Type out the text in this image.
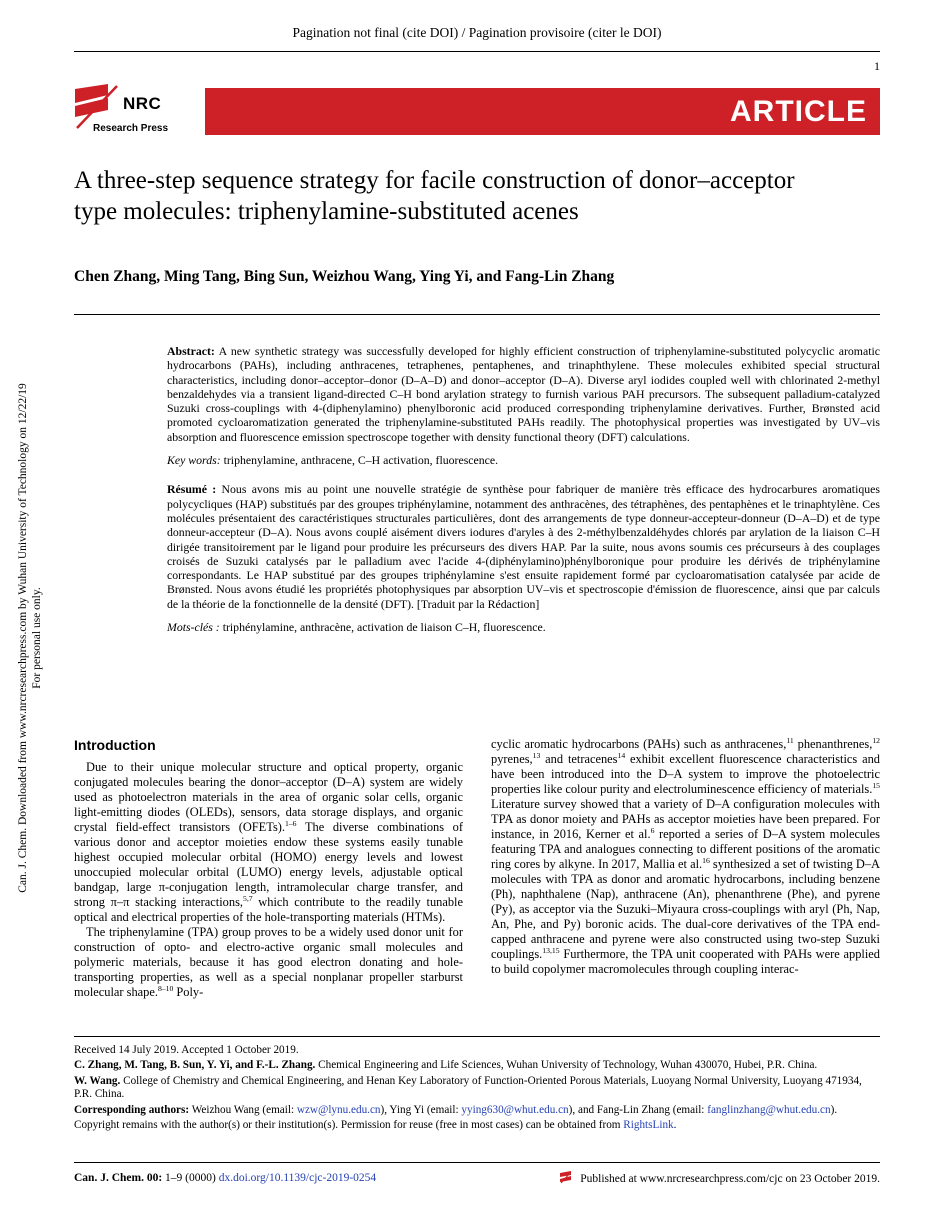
Pagination not final (cite DOI) / Pagination provisoire (citer le DOI)
1
NRC
Research Press
ARTICLE
A three-step sequence strategy for facile construction of donor–acceptor type molecules: triphenylamine-substituted acenes
Chen Zhang, Ming Tang, Bing Sun, Weizhou Wang, Ying Yi, and Fang-Lin Zhang

Abstract: A new synthetic strategy was successfully developed for highly efficient construction of triphenylamine-substituted polycyclic aromatic hydrocarbons (PAHs), including anthracenes, tetraphenes, pentaphenes, and trinaphthylene. These molecules exhibited special structural characteristics, including donor–acceptor–donor (D–A–D) and donor–acceptor (D–A). Diverse aryl iodides coupled well with chlorinated 2-methyl benzaldehydes via a transient ligand-directed C–H bond arylation strategy to furnish various PAH precursors. The subsequent palladium-catalyzed Suzuki cross-couplings with 4-(diphenylamino) phenylboronic acid produced corresponding triphenylamine derivatives. Further, Brønsted acid promoted cycloaromatization generated the triphenylamine-substituted PAHs readily. The photophysical properties was investigated by UV–vis absorption and fluorescence emission spectroscope together with density functional theory (DFT) calculations.

Key words: triphenylamine, anthracene, C–H activation, fluorescence.

Résumé : Nous avons mis au point une nouvelle stratégie de synthèse pour fabriquer de manière très efficace des hydrocarbures aromatiques polycycliques (HAP) substitués par des groupes triphénylamine, notamment des anthracènes, des tétraphènes, des pentaphènes et le trinaphtylène. Ces molécules présentaient des caractéristiques structurales particulières, dont des arrangements de type donneur-accepteur-donneur (D–A–D) et de type donneur-accepteur (D–A). Nous avons couplé aisément divers iodures d'aryles à des 2-méthylbenzaldéhydes chlorés par arylation de la liaison C–H dirigée transitoirement par le ligand pour produire les précurseurs des divers HAP. Par la suite, nous avons soumis ces précurseurs à des couplages croisés de Suzuki catalysés par le palladium avec l'acide 4-(diphénylamino)phénylboronique pour produire les dérivés de triphénylamine correspondants. Le HAP substitué par des groupes triphénylamine s'est ensuite rapidement formé par cycloaromatisation catalysée par acide de Brønsted. Nous avons étudié les propriétés photophysiques par absorption UV–vis et spectroscopie d'émission de fluorescence, ainsi que par calculs de la théorie de la fonctionnelle de la densité (DFT). [Traduit par la Rédaction]

Mots-clés : triphénylamine, anthracène, activation de liaison C–H, fluorescence.

Introduction

Due to their unique molecular structure and optical property, organic conjugated molecules bearing the donor–acceptor (D–A) system are widely used as photoelectron materials in the area of organic solar cells, organic light-emitting diodes (OLEDs), sensors, data storage displays, and organic crystal field-effect transistors (OFETs).$^{1-6}$ The diverse combinations of various donor and acceptor moieties endow these systems easily tunable highest occupied molecular orbital (HOMO) energy levels and lowest unoccupied molecular orbital (LUMO) energy levels, adjustable optical bandgap, large π-conjugation length, intramolecular charge transfer, and strong π–π stacking interactions,$^{5,7}$ which contribute to the readily tunable optical and electrical properties of the hole-transporting materials (HTMs).

The triphenylamine (TPA) group proves to be a widely used donor unit for construction of opto- and electro-active organic small molecules and polymeric materials, because it has good electron donating and hole-transporting properties, as well as a special nonplanar propeller starburst molecular shape.$^{8-10}$ Poly-

cyclic aromatic hydrocarbons (PAHs) such as anthracenes,$^{11}$ phenanthrenes,$^{12}$ pyrenes,$^{13}$ and tetracenes$^{14}$ exhibit excellent fluorescence characteristics and have been introduced into the D–A system to improve the photoelectric properties like colour purity and electroluminescence efficiency of materials.$^{15}$ Literature survey showed that a variety of D–A configuration molecules with TPA as donor moiety and PAHs as acceptor moieties have been prepared. For instance, in 2016, Kerner et al.$^6$ reported a series of D–A system molecules featuring TPA and analogues connecting to different positions of the aromatic ring cores by alkyne. In 2017, Mallia et al.$^{16}$ synthesized a set of twisting D–A molecules with TPA as donor and aromatic hydrocarbons, including benzene (Ph), naphthalene (Nap), anthracene (An), phenanthrene (Phe), and pyrene (Py), as acceptor via the Suzuki–Miyaura cross-couplings with aryl (Ph, Nap, An, Phe, and Py) boronic acids. The dual-core derivatives of the TPA end-capped anthracene and pyrene were also constructed using two-step Suzuki couplings.$^{13,15}$ Furthermore, the TPA unit cooperated with PAHs were applied to build copolymer macromolecules through coupling interac-

Received 14 July 2019. Accepted 1 October 2019.

C. Zhang, M. Tang, B. Sun, Y. Yi, and F.-L. Zhang. Chemical Engineering and Life Sciences, Wuhan University of Technology, Wuhan 430070, Hubei, P.R. China.

W. Wang. College of Chemistry and Chemical Engineering, and Henan Key Laboratory of Function-Oriented Porous Materials, Luoyang Normal University, Luoyang 471934, P.R. China.

Corresponding authors: Weizhou Wang (email: wzw@lynu.edu.cn), Ying Yi (email: yying630@whut.edu.cn), and Fang-Lin Zhang (email: fanglinzhang@whut.edu.cn).

Copyright remains with the author(s) or their institution(s). Permission for reuse (free in most cases) can be obtained from RightsLink.

Can. J. Chem. 00: 1–9 (0000) dx.doi.org/10.1139/cjc-2019-0254	Published at www.nrcresearchpress.com/cjc on 23 October 2019.
Can. J. Chem. Downloaded from www.nrcresearchpress.com by Wuhan University of Technology on 12/22/19 For personal use only.
